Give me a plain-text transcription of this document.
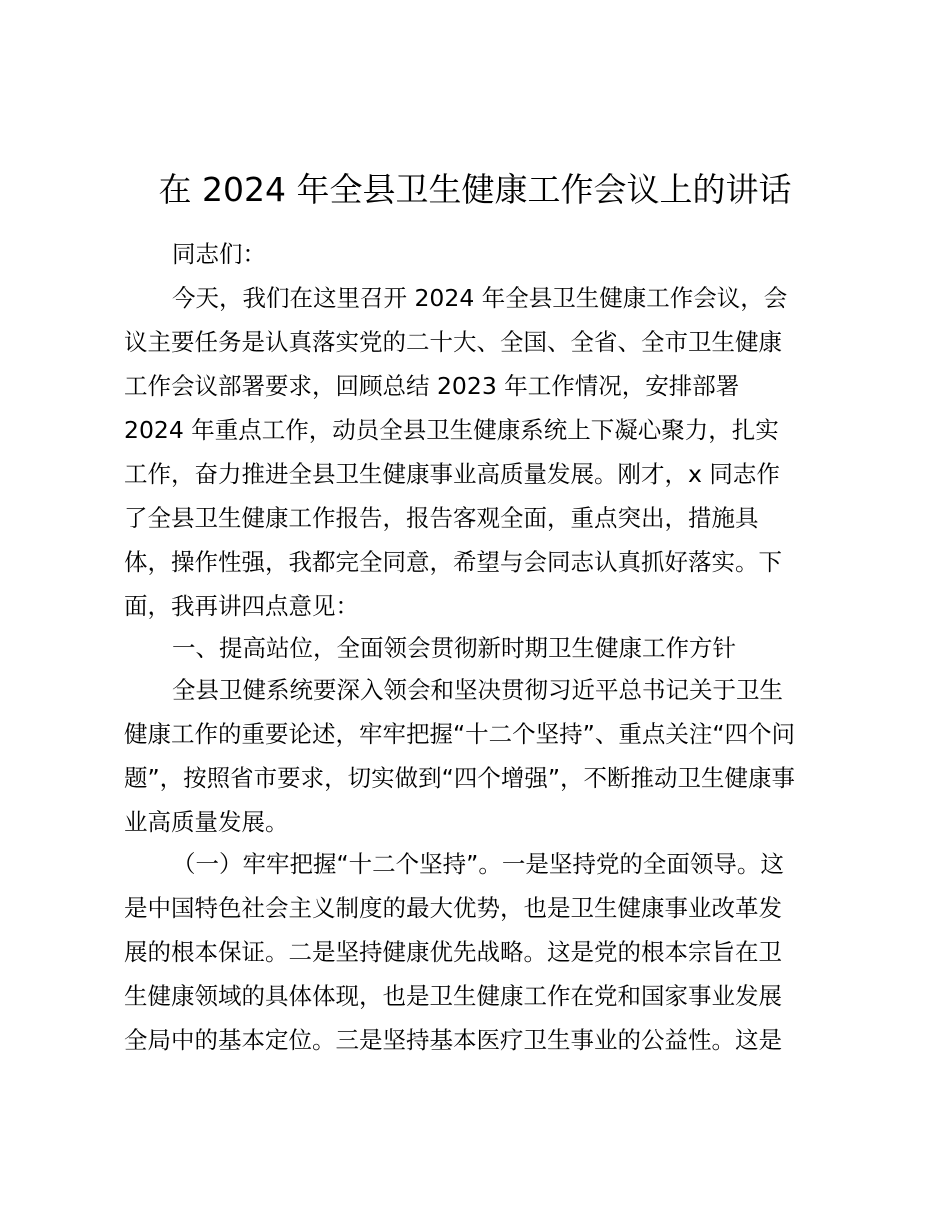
在 2024 年全县卫生健康工作会议上的讲话
同志们：
今天，我们在这里召开 2024 年全县卫生健康工作会议，会
议主要任务是认真落实党的二十大、全国、全省、全市卫生健康
工作会议部署要求，回顾总结 2023 年工作情况，安排部署
2024 年重点工作，动员全县卫生健康系统上下凝心聚力，扎实
工作，奋力推进全县卫生健康事业高质量发展。刚才，x 同志作
了全县卫生健康工作报告，报告客观全面，重点突出，措施具
体，操作性强，我都完全同意，希望与会同志认真抓好落实。下
面，我再讲四点意见：
一、提高站位，全面领会贯彻新时期卫生健康工作方针
全县卫健系统要深入领会和坚决贯彻习近平总书记关于卫生
健康工作的重要论述，牢牢把握“十二个坚持”、重点关注“四个问
题”，按照省市要求，切实做到“四个增强”，不断推动卫生健康事
业高质量发展。
（一）牢牢把握“十二个坚持”。一是坚持党的全面领导。这
是中国特色社会主义制度的最大优势，也是卫生健康事业改革发
展的根本保证。二是坚持健康优先战略。这是党的根本宗旨在卫
生健康领域的具体体现，也是卫生健康工作在党和国家事业发展
全局中的基本定位。三是坚持基本医疗卫生事业的公益性。这是
